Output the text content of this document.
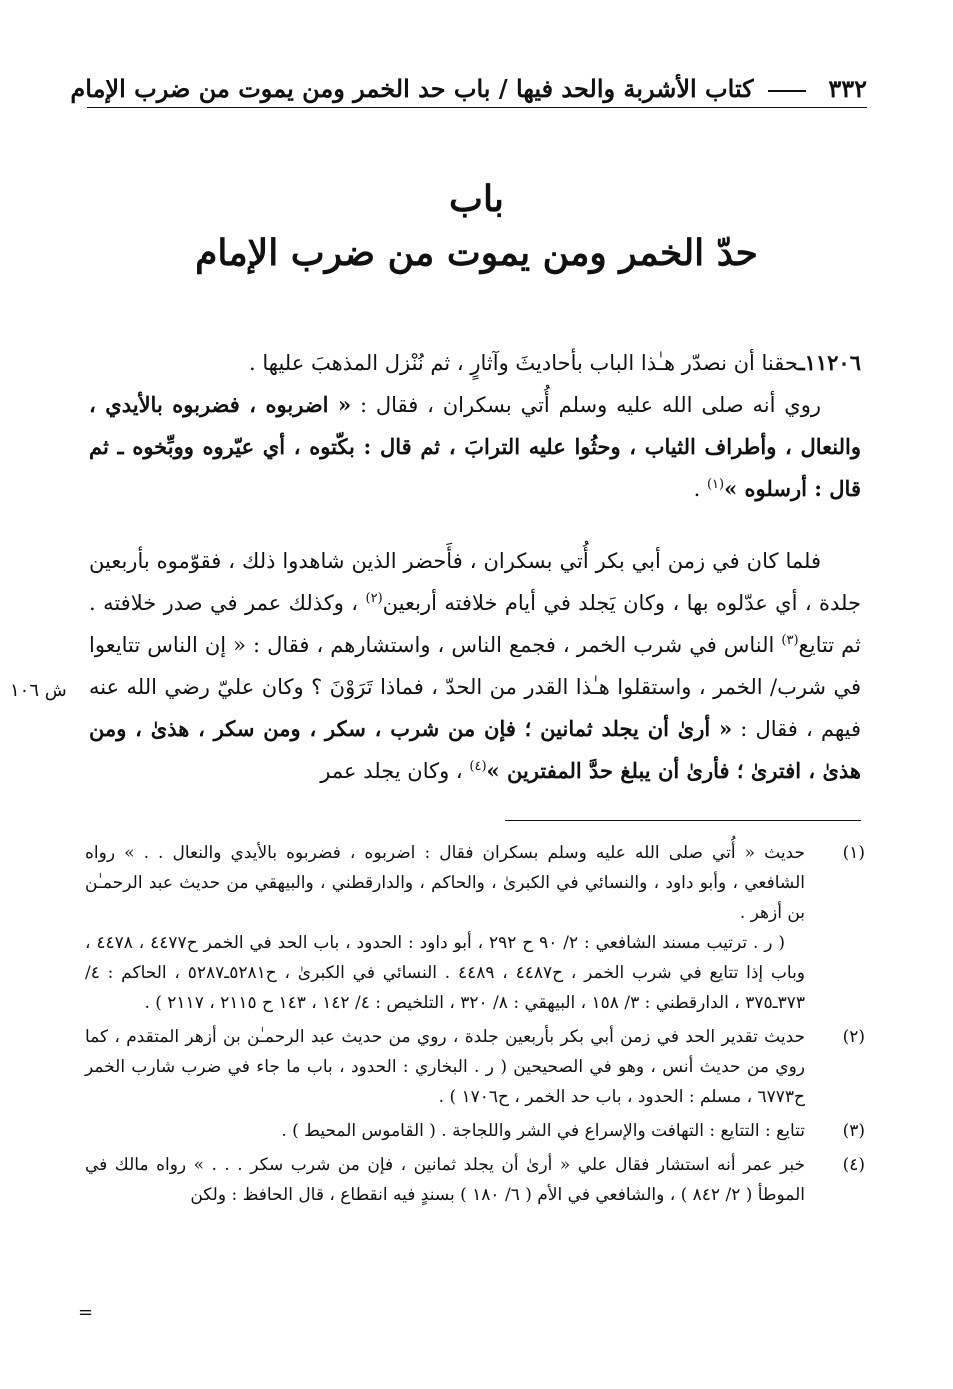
٣٣٢  كتاب الأشربة والحد فيها / باب حد الخمر ومن يموت من ضرب الإمام
باب
حدّ الخمر ومن يموت من ضرب الإمام

١١٢٠٦ـحقنا أن نصدّر هـٰذا الباب بأحاديثَ وآثارٍ ، ثم نُنْزل المذهبَ عليها .

روي أنه صلى الله عليه وسلم أُتي بسكران ، فقال : « اضربوه ، فضربوه بالأيدي ، والنعال ، وأطراف الثياب ، وحثُوا عليه الترابَ ، ثم قال : بكّتوه ، أي عيّروه ووبِّخوه ـ ثم قال : أرسلوه »$^{(١)}$ .

فلما كان في زمن أبي بكر أُتي بسكران ، فأَحضر الذين شاهدوا ذلك ، فقوّموه بأربعين جلدة ، أي عدّلوه بها ، وكان يَجلد في أيام خلافته أربعين$^{(٢)}$ ، وكذلك عمر في صدر خلافته . ثم تتايع$^{(٣)}$ الناس في شرب الخمر ، فجمع الناس ، واستشارهم ، فقال : « إن الناس تتايعوا في شرب/ الخمر ، واستقلوا هـٰذا القدر من الحدّ ، فماذا تَرَوْنَ ؟ وكان عليّ رضي الله عنه فيهم ، فقال : « أرىٰ أن يجلد ثمانين ؛ فإن من شرب ، سكر ، ومن سكر ، هذىٰ ، ومن هذىٰ ، افترىٰ ؛ فأرىٰ أن يبلغ حدَّ المفترين »$^{(٤)}$ ، وكان يجلد عمر

ش ١٠٦
(١)

حديث « أُتي صلى الله عليه وسلم بسكران فقال : اضربوه ، فضربوه بالأيدي والنعال . . » رواه الشافعي ، وأبو داود ، والنسائي في الكبرىٰ ، والحاكم ، والدارقطني ، والبيهقي من حديث عبد الرحمـٰن بن أزهر .

( ر . ترتيب مسند الشافعي : ٢/ ٩٠ ح ٢٩٢ ، أبو داود : الحدود ، باب الحد في الخمر ح٤٤٧٧ ، ٤٤٧٨ ، وباب إذا تتايع في شرب الخمر ، ح٤٤٨٧ ، ٤٤٨٩ . النسائي في الكبرىٰ ، ح٥٢٨١ـ٥٢٨٧ ، الحاكم : ٤/ ٣٧٣ـ٣٧٥ ، الدارقطني : ٣/ ١٥٨ ، البيهقي : ٨/ ٣٢٠ ، التلخيص : ٤/ ١٤٢ ، ١٤٣ ح ٢١١٥ ، ٢١١٧ ) .

(٢)

حديث تقدير الحد في زمن أبي بكر بأربعين جلدة ، روي من حديث عبد الرحمـٰن بن أزهر المتقدم ، كما روي من حديث أنس ، وهو في الصحيحين ( ر . البخاري : الحدود ، باب ما جاء في ضرب شارب الخمر ح٦٧٧٣ ، مسلم : الحدود ، باب حد الخمر ، ح١٧٠٦ ) .

(٣)

تتايع : التتايع : التهافت والإسراع في الشر واللجاجة . ( القاموس المحيط ) .

(٤)

خبر عمر أنه استشار فقال علي « أرىٰ أن يجلد ثمانين ، فإن من شرب سكر . . . » رواه مالك في الموطأ ( ٢/ ٨٤٢ ) ، والشافعي في الأم ( ٦/ ١٨٠ ) بسندٍ فيه انقطاع ، قال الحافظ : ولكن

=
